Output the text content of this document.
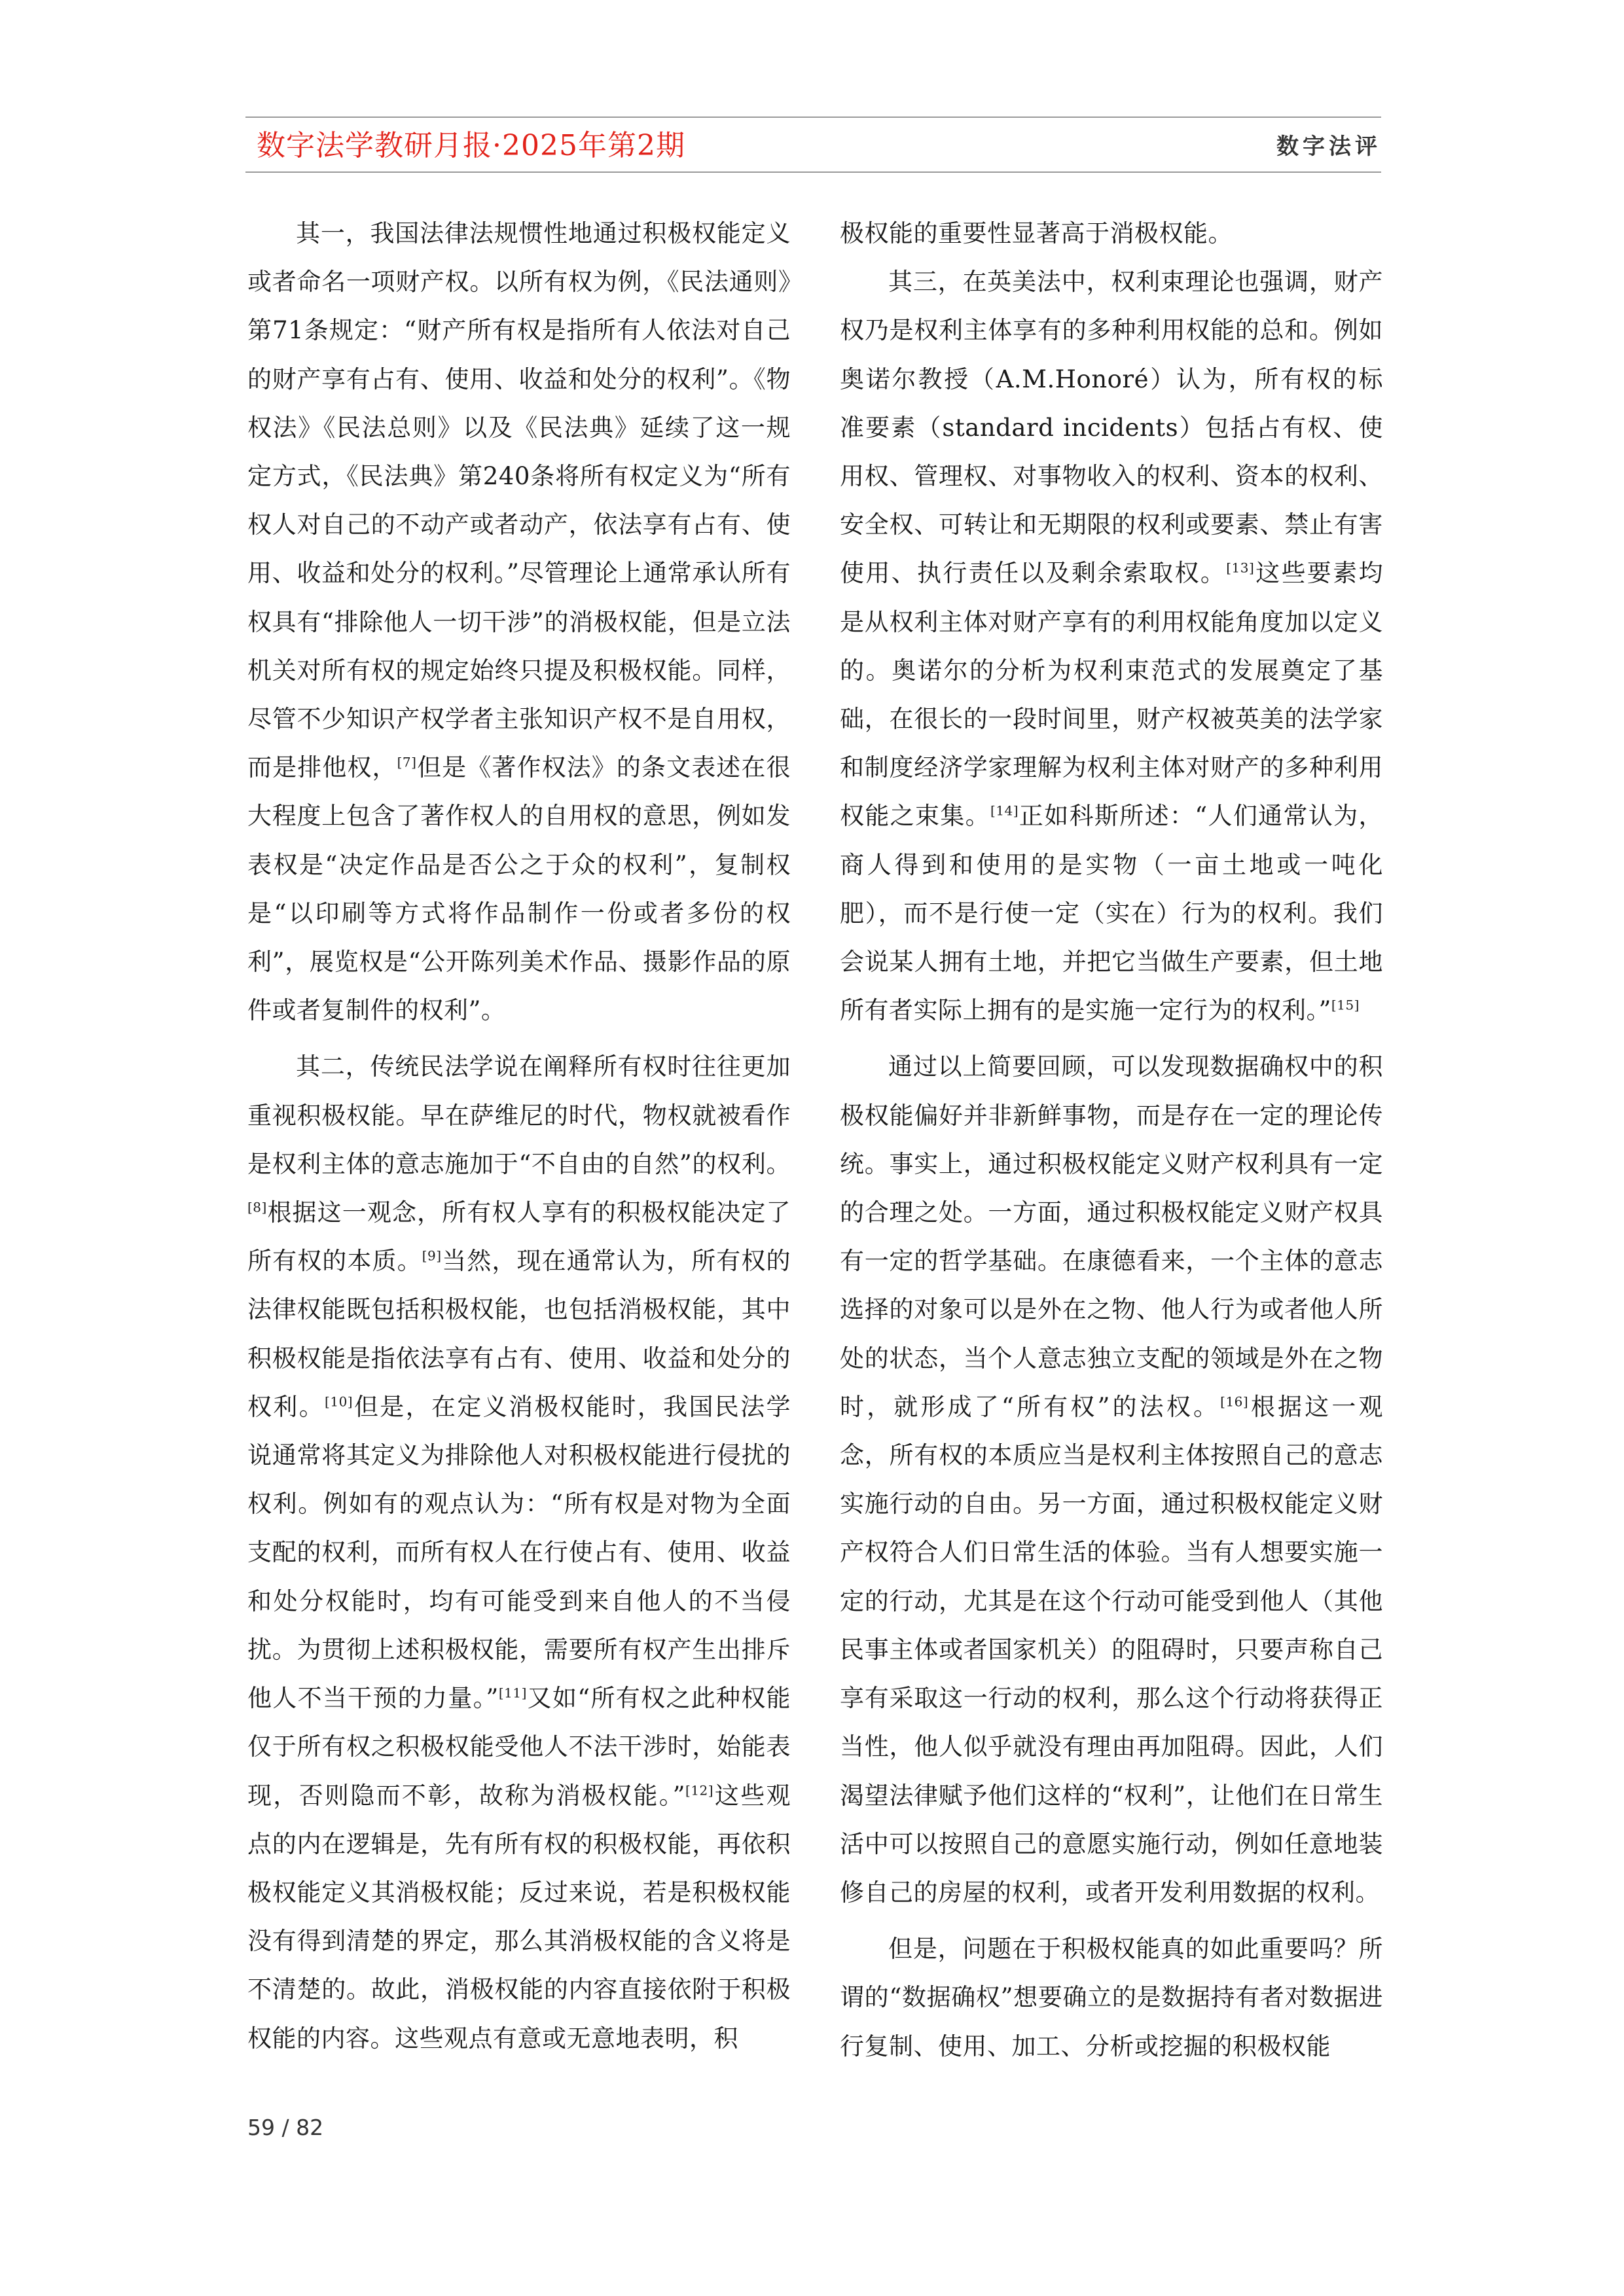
数字法学教研月报·2025年第2期	数字法评

其一，我国法律法规惯性地通过积极权能定义或者命名一项财产权。以所有权为例，《民法通则》第71条规定：“财产所有权是指所有人依法对自己的财产享有占有、使用、收益和处分的权利”。《物权法》《民法总则》以及《民法典》延续了这一规定方式，《民法典》第240条将所有权定义为“所有权人对自己的不动产或者动产，依法享有占有、使用、收益和处分的权利。”尽管理论上通常承认所有权具有“排除他人一切干涉”的消极权能，但是立法机关对所有权的规定始终只提及积极权能。同样，尽管不少知识产权学者主张知识产权不是自用权，而是排他权，[7]但是《著作权法》的条文表述在很大程度上包含了著作权人的自用权的意思，例如发表权是“决定作品是否公之于众的权利”，复制权是“以印刷等方式将作品制作一份或者多份的权利”，展览权是“公开陈列美术作品、摄影作品的原件或者复制件的权利”。

其二，传统民法学说在阐释所有权时往往更加重视积极权能。早在萨维尼的时代，物权就被看作是权利主体的意志施加于“不自由的自然”的权利。[8]根据这一观念，所有权人享有的积极权能决定了所有权的本质。[9]当然，现在通常认为，所有权的法律权能既包括积极权能，也包括消极权能，其中积极权能是指依法享有占有、使用、收益和处分的权利。[10]但是，在定义消极权能时，我国民法学说通常将其定义为排除他人对积极权能进行侵扰的权利。例如有的观点认为：“所有权是对物为全面支配的权利，而所有权人在行使占有、使用、收益和处分权能时，均有可能受到来自他人的不当侵扰。为贯彻上述积极权能，需要所有权产生出排斥他人不当干预的力量。”[11]又如“所有权之此种权能仅于所有权之积极权能受他人不法干涉时，始能表现，否则隐而不彰，故称为消极权能。”[12]这些观点的内在逻辑是，先有所有权的积极权能，再依积极权能定义其消极权能；反过来说，若是积极权能没有得到清楚的界定，那么其消极权能的含义将是不清楚的。故此，消极权能的内容直接依附于积极权能的内容。这些观点有意或无意地表明，积

极权能的重要性显著高于消极权能。

其三，在英美法中，权利束理论也强调，财产权乃是权利主体享有的多种利用权能的总和。例如奥诺尔教授（A.M.Honoré）认为，所有权的标准要素（standard incidents）包括占有权、使用权、管理权、对事物收入的权利、资本的权利、安全权、可转让和无期限的权利或要素、禁止有害使用、执行责任以及剩余索取权。[13]这些要素均是从权利主体对财产享有的利用权能角度加以定义的。奥诺尔的分析为权利束范式的发展奠定了基础，在很长的一段时间里，财产权被英美的法学家和制度经济学家理解为权利主体对财产的多种利用权能之束集。[14]正如科斯所述：“人们通常认为，商人得到和使用的是实物（一亩土地或一吨化肥），而不是行使一定（实在）行为的权利。我们会说某人拥有土地，并把它当做生产要素，但土地所有者实际上拥有的是实施一定行为的权利。”[15]

通过以上简要回顾，可以发现数据确权中的积极权能偏好并非新鲜事物，而是存在一定的理论传统。事实上，通过积极权能定义财产权利具有一定的合理之处。一方面，通过积极权能定义财产权具有一定的哲学基础。在康德看来，一个主体的意志选择的对象可以是外在之物、他人行为或者他人所处的状态，当个人意志独立支配的领域是外在之物时，就形成了“所有权”的法权。[16]根据这一观念，所有权的本质应当是权利主体按照自己的意志实施行动的自由。另一方面，通过积极权能定义财产权符合人们日常生活的体验。当有人想要实施一定的行动，尤其是在这个行动可能受到他人（其他民事主体或者国家机关）的阻碍时，只要声称自己享有采取这一行动的权利，那么这个行动将获得正当性，他人似乎就没有理由再加阻碍。因此，人们渴望法律赋予他们这样的“权利”，让他们在日常生活中可以按照自己的意愿实施行动，例如任意地装修自己的房屋的权利，或者开发利用数据的权利。

但是，问题在于积极权能真的如此重要吗？所谓的“数据确权”想要确立的是数据持有者对数据进行复制、使用、加工、分析或挖掘的积极权能

59 / 82
